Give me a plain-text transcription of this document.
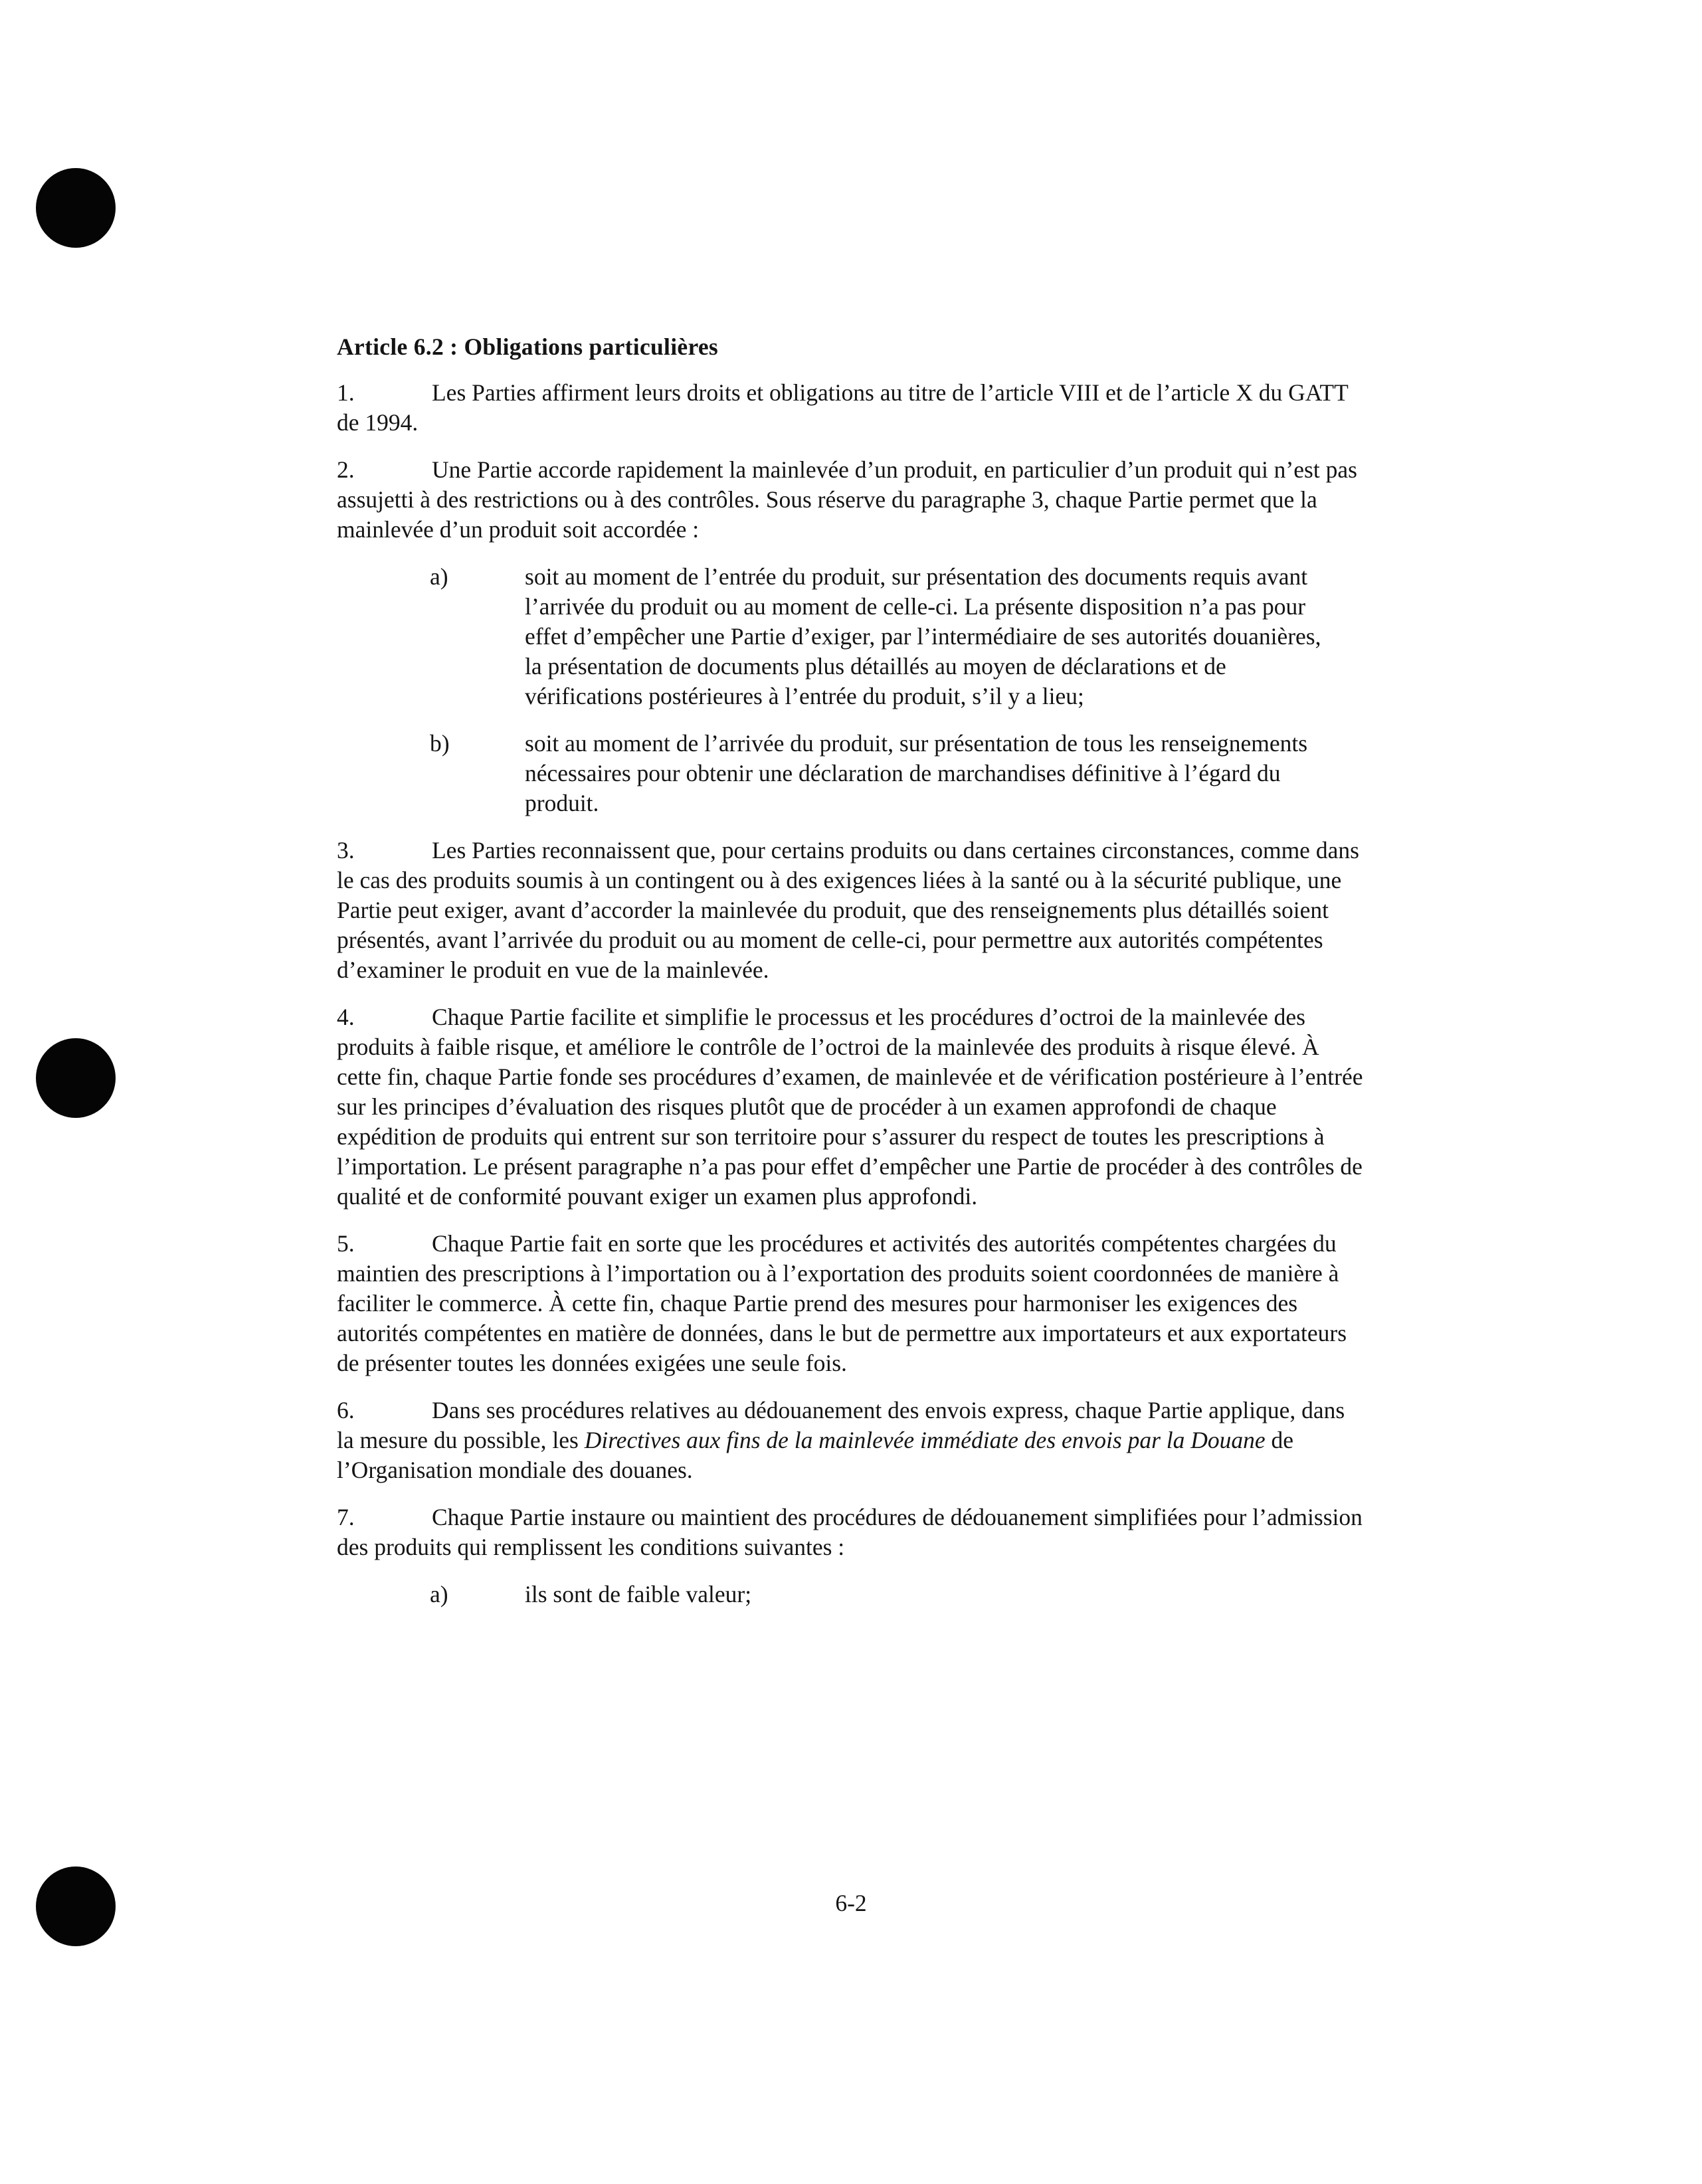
Article 6.2 : Obligations particulières
1.	Les Parties affirment leurs droits et obligations au titre de l’article VIII et de l’article X du GATT de 1994.
2.	Une Partie accorde rapidement la mainlevée d’un produit, en particulier d’un produit qui n’est pas assujetti à des restrictions ou à des contrôles. Sous réserve du paragraphe 3, chaque Partie permet que la mainlevée d’un produit soit accordée :
a)	soit au moment de l’entrée du produit, sur présentation des documents requis avant l’arrivée du produit ou au moment de celle-ci. La présente disposition n’a pas pour effet d’empêcher une Partie d’exiger, par l’intermédiaire de ses autorités douanières, la présentation de documents plus détaillés au moyen de déclarations et de vérifications postérieures à l’entrée du produit, s’il y a lieu;
b)	soit au moment de l’arrivée du produit, sur présentation de tous les renseignements nécessaires pour obtenir une déclaration de marchandises définitive à l’égard du produit.
3.	Les Parties reconnaissent que, pour certains produits ou dans certaines circonstances, comme dans le cas des produits soumis à un contingent ou à des exigences liées à la santé ou à la sécurité publique, une Partie peut exiger, avant d’accorder la mainlevée du produit, que des renseignements plus détaillés soient présentés, avant l’arrivée du produit ou au moment de celle-ci, pour permettre aux autorités compétentes d’examiner le produit en vue de la mainlevée.
4.	Chaque Partie facilite et simplifie le processus et les procédures d’octroi de la mainlevée des produits à faible risque, et améliore le contrôle de l’octroi de la mainlevée des produits à risque élevé. À cette fin, chaque Partie fonde ses procédures d’examen, de mainlevée et de vérification postérieure à l’entrée sur les principes d’évaluation des risques plutôt que de procéder à un examen approfondi de chaque expédition de produits qui entrent sur son territoire pour s’assurer du respect de toutes les prescriptions à l’importation. Le présent paragraphe n’a pas pour effet d’empêcher une Partie de procéder à des contrôles de qualité et de conformité pouvant exiger un examen plus approfondi.
5.	Chaque Partie fait en sorte que les procédures et activités des autorités compétentes chargées du maintien des prescriptions à l’importation ou à l’exportation des produits soient coordonnées de manière à faciliter le commerce. À cette fin, chaque Partie prend des mesures pour harmoniser les exigences des autorités compétentes en matière de données, dans le but de permettre aux importateurs et aux exportateurs de présenter toutes les données exigées une seule fois.
6.	Dans ses procédures relatives au dédouanement des envois express, chaque Partie applique, dans la mesure du possible, les Directives aux fins de la mainlevée immédiate des envois par la Douane de l’Organisation mondiale des douanes.
7.	Chaque Partie instaure ou maintient des procédures de dédouanement simplifiées pour l’admission des produits qui remplissent les conditions suivantes :
a)	ils sont de faible valeur;
6-2
